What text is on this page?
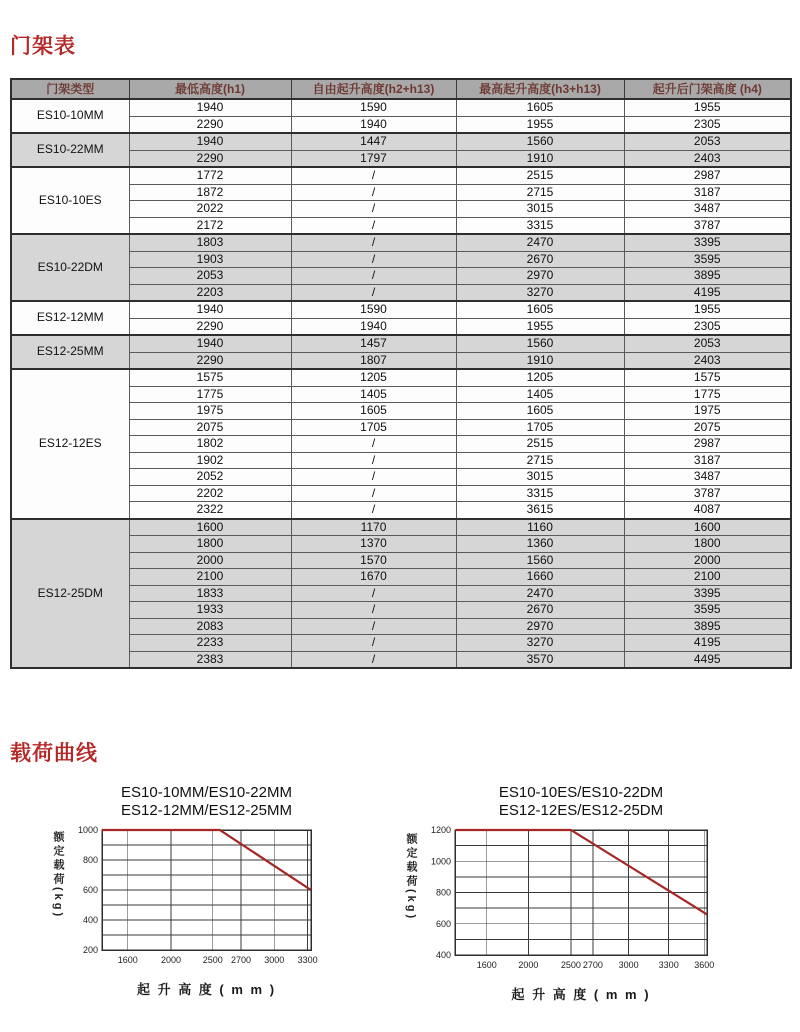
门架表
门架类型	最低高度(h1)	自由起升高度(h2+h13)	最高起升高度(h3+h13)	起升后门架高度 (h4)
ES10-10MM	1940	1590	1605	1955
	2290	1940	1955	2305
ES10-22MM	1940	1447	1560	2053
	2290	1797	1910	2403
ES10-10ES	1772	/	2515	2987
	1872	/	2715	3187
	2022	/	3015	3487
	2172	/	3315	3787
ES10-22DM	1803	/	2470	3395
	1903	/	2670	3595
	2053	/	2970	3895
	2203	/	3270	4195
ES12-12MM	1940	1590	1605	1955
	2290	1940	1955	2305
ES12-25MM	1940	1457	1560	2053
	2290	1807	1910	2403
ES12-12ES	1575	1205	1205	1575
	1775	1405	1405	1775
	1975	1605	1605	1975
	2075	1705	1705	2075
	1802	/	2515	2987
	1902	/	2715	3187
	2052	/	3015	3487
	2202	/	3315	3787
	2322	/	3615	4087
ES12-25DM	1600	1170	1160	1600
	1800	1370	1360	1800
	2000	1570	1560	2000
	2100	1670	1660	2100
	1833	/	2470	3395
	1933	/	2670	3595
	2083	/	2970	3895
	2233	/	3270	4195
	2383	/	3570	4495
载荷曲线
ES10-10MM/ES10-22MM
ES12-12MM/ES12-25MM
额定载荷(kg)
1000
800
600
400
200
1600	2000 2500 2700 3000 3300
起 升 高 度 ( m m )
ES10-10ES/ES10-22DM
ES12-12ES/ES12-25DM
额定载荷(kg)
1200
1000
800
600
400
1600 2000	2500 2700 3000 3300 3600
起 升 高 度 ( m m )
